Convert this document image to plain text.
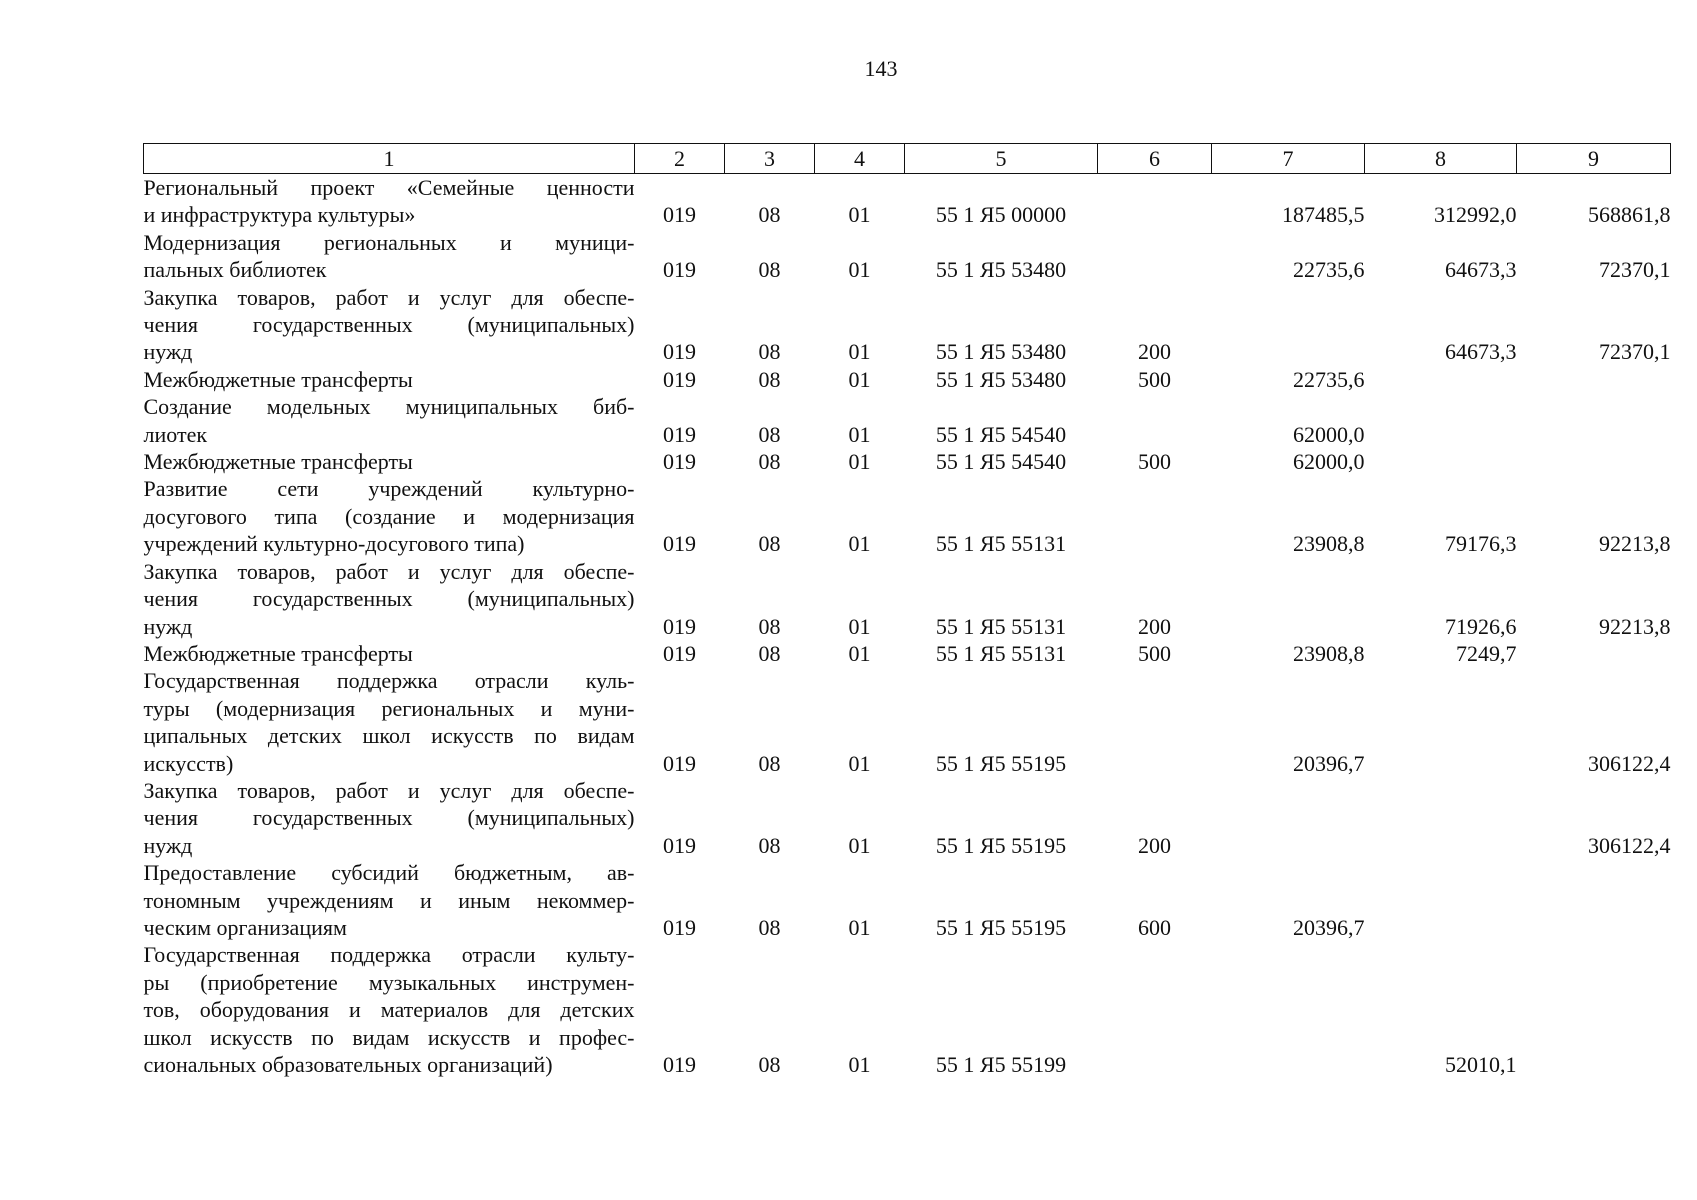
143
1	2	3	4	5	6	7	8	9

Региональный проект «Семейные ценности
и инфраструктура культуры»	019	08	01	55 1 Я5 00000		187485,5	312992,0	568861,8

Модернизация региональных и муници-
пальных библиотек	019	08	01	55 1 Я5 53480		22735,6	64673,3	72370,1

Закупка товаров, работ и услуг для обеспе-
чения государственных (муниципальных)
нужд	019	08	01	55 1 Я5 53480	200		64673,3	72370,1

Межбюджетные трансферты	019	08	01	55 1 Я5 53480	500	22735,6		

Создание модельных муниципальных биб-
лиотек	019	08	01	55 1 Я5 54540		62000,0		

Межбюджетные трансферты	019	08	01	55 1 Я5 54540	500	62000,0		

Развитие сети учреждений культурно-
досугового типа (создание и модернизация
учреждений культурно-досугового типа)	019	08	01	55 1 Я5 55131		23908,8	79176,3	92213,8

Закупка товаров, работ и услуг для обеспе-
чения государственных (муниципальных)
нужд	019	08	01	55 1 Я5 55131	200		71926,6	92213,8

Межбюджетные трансферты	019	08	01	55 1 Я5 55131	500	23908,8	7249,7	

Государственная поддержка отрасли куль-
туры (модернизация региональных и муни-
ципальных детских школ искусств по видам
искусств)	019	08	01	55 1 Я5 55195		20396,7		306122,4

Закупка товаров, работ и услуг для обеспе-
чения государственных (муниципальных)
нужд	019	08	01	55 1 Я5 55195	200			306122,4

Предоставление субсидий бюджетным, ав-
тономным учреждениям и иным некоммер-
ческим организациям	019	08	01	55 1 Я5 55195	600	20396,7		

Государственная поддержка отрасли культу-
ры (приобретение музыкальных инструмен-
тов, оборудования и материалов для детских
школ искусств по видам искусств и профес-
сиональных образовательных организаций)	019	08	01	55 1 Я5 55199			52010,1	
